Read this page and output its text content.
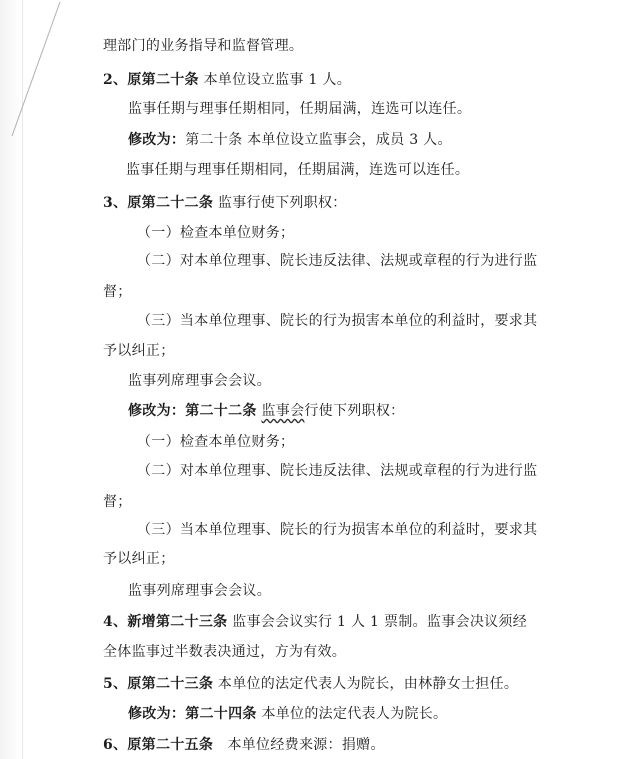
理部门的业务指导和监督管理。
2、原第二十条 本单位设立监事 1 人。
监事任期与理事任期相同，任期届满，连选可以连任。
修改为：第二十条 本单位设立监事会，成员 3 人。
监事任期与理事任期相同，任期届满，连选可以连任。
3、原第二十二条 监事行使下列职权：
（一）检查本单位财务；
（二）对本单位理事、院长违反法律、法规或章程的行为进行监
督；
（三）当本单位理事、院长的行为损害本单位的利益时，要求其
予以纠正；
监事列席理事会会议。
修改为：第二十二条 监事会行使下列职权：
（一）检查本单位财务；
（二）对本单位理事、院长违反法律、法规或章程的行为进行监
督；
（三）当本单位理事、院长的行为损害本单位的利益时，要求其
予以纠正；
监事列席理事会会议。
4、新增第二十三条 监事会会议实行 1 人 1 票制。监事会决议须经
全体监事过半数表决通过，方为有效。
5、原第二十三条 本单位的法定代表人为院长，由林静女士担任。
修改为：第二十四条 本单位的法定代表人为院长。
6、原第二十五条　本单位经费来源：捐赠。
